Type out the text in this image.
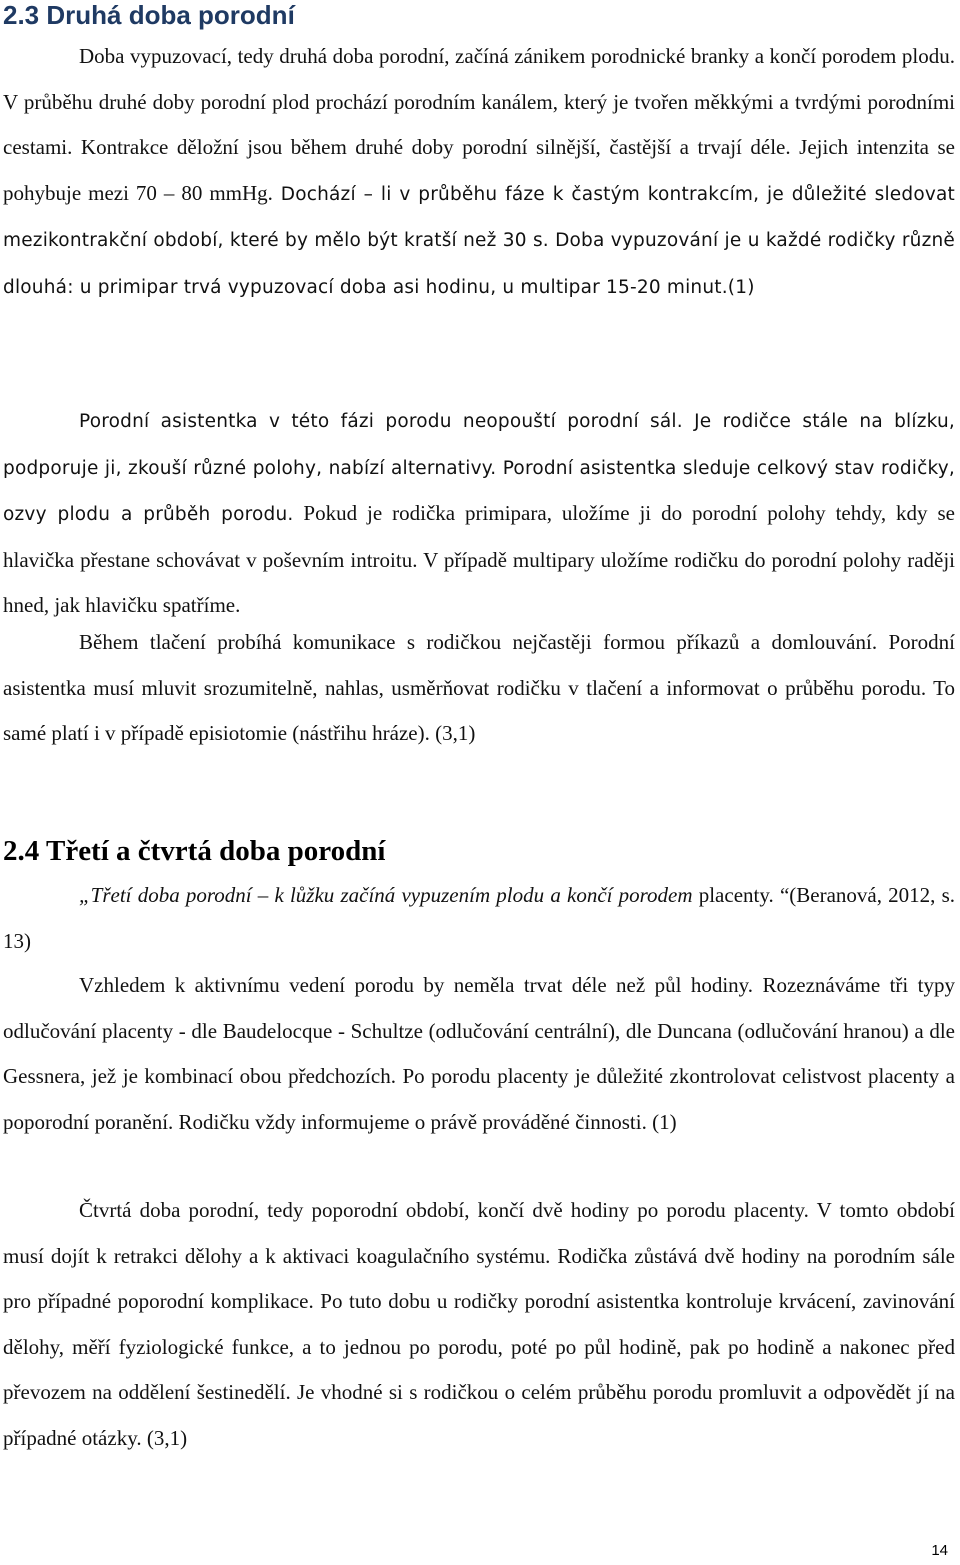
2.3 Druhá doba porodní

Doba vypuzovací, tedy druhá doba porodní, začíná zánikem porodnické branky a končí porodem plodu. V průběhu druhé doby porodní plod prochází porodním kanálem, který je tvořen měkkými a tvrdými porodními cestami. Kontrakce děložní jsou během druhé doby porodní silnější, častější a trvají déle. Jejich intenzita se pohybuje mezi 70 – 80 mmHg. Dochází – li v průběhu fáze k častým kontrakcím, je důležité sledovat mezikontrakční období, které by mělo být kratší než 30 s. Doba vypuzování je u každé rodičky různě dlouhá: u primipar trvá vypuzovací doba asi hodinu, u multipar 15-20 minut.(1)

Porodní asistentka v této fázi porodu neopouští porodní sál. Je rodičce stále na blízku, podporuje ji, zkouší různé polohy, nabízí alternativy. Porodní asistentka sleduje celkový stav rodičky, ozvy plodu a průběh porodu. Pokud je rodička primipara, uložíme ji do porodní polohy tehdy, kdy se hlavička přestane schovávat v poševním introitu. V případě multipary uložíme rodičku do porodní polohy raději hned, jak hlavičku spatříme.

Během tlačení probíhá komunikace s rodičkou nejčastěji formou příkazů a domlouvání. Porodní asistentka musí mluvit srozumitelně, nahlas, usměrňovat rodičku v tlačení a informovat o průběhu porodu. To samé platí i v případě episiotomie (nástřihu hráze). (3,1)

2.4 Třetí a čtvrtá doba porodní

„Třetí doba porodní – k lůžku začíná vypuzením plodu a končí porodem placenty. “(Beranová, 2012, s. 13)

Vzhledem k aktivnímu vedení porodu by neměla trvat déle než půl hodiny. Rozeznáváme tři typy odlučování placenty - dle Baudelocque - Schultze (odlučování centrální), dle Duncana (odlučování hranou) a dle Gessnera, jež je kombinací obou předchozích. Po porodu placenty je důležité zkontrolovat celistvost placenty a poporodní poranění. Rodičku vždy informujeme o právě prováděné činnosti. (1)

Čtvrtá doba porodní, tedy poporodní období, končí dvě hodiny po porodu placenty. V tomto období musí dojít k retrakci dělohy a k aktivaci koagulačního systému. Rodička zůstává dvě hodiny na porodním sále pro případné poporodní komplikace. Po tuto dobu u rodičky porodní asistentka kontroluje krvácení, zavinování dělohy, měří fyziologické funkce, a to jednou po porodu, poté po půl hodině, pak po hodině a nakonec před převozem na oddělení šestinedělí. Je vhodné si s rodičkou o celém průběhu porodu promluvit a odpovědět jí na případné otázky. (3,1)

14
